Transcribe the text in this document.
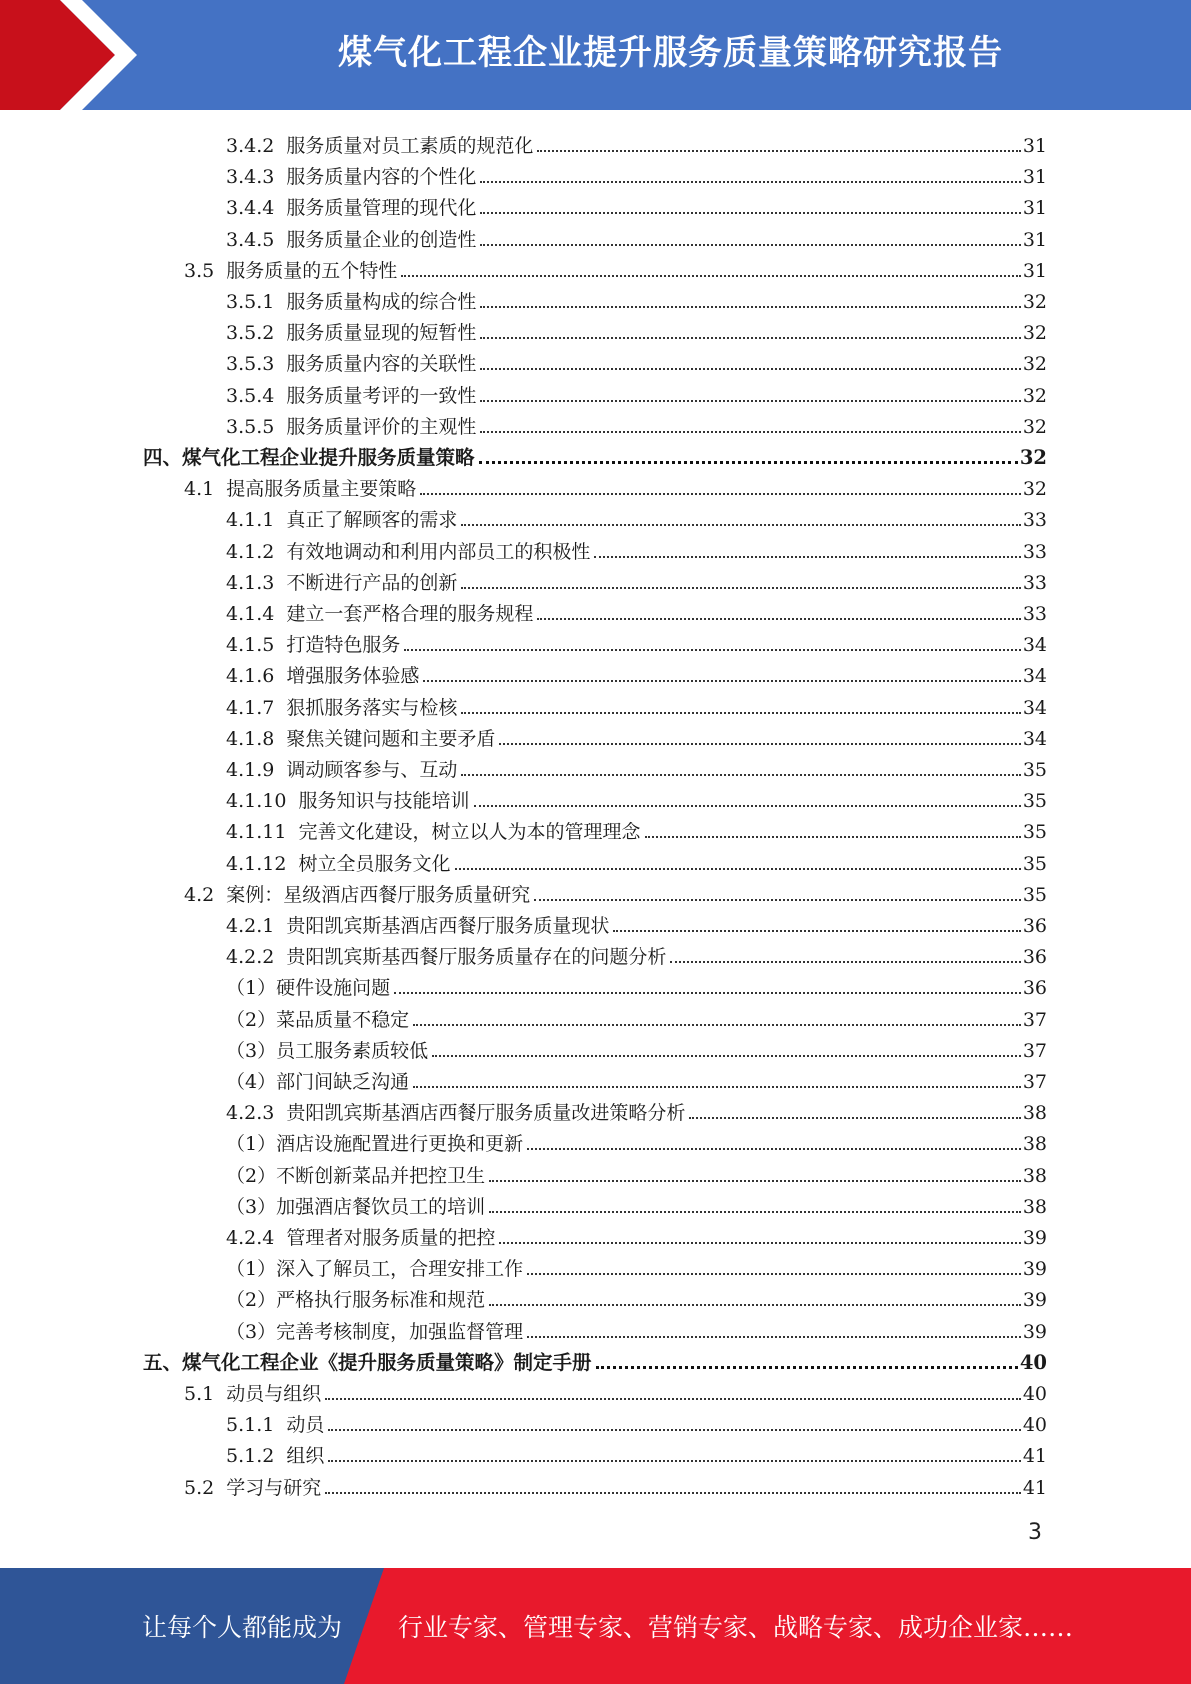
煤气化工程企业提升服务质量策略研究报告
3.4.2  服务质量对员工素质的规范化	31
3.4.3  服务质量内容的个性化	31
3.4.4  服务质量管理的现代化	31
3.4.5  服务质量企业的创造性	31
3.5  服务质量的五个特性	31
3.5.1  服务质量构成的综合性	32
3.5.2  服务质量显现的短暂性	32
3.5.3  服务质量内容的关联性	32
3.5.4  服务质量考评的一致性	32
3.5.5  服务质量评价的主观性	32
四、煤气化工程企业提升服务质量策略	32
4.1  提高服务质量主要策略	32
4.1.1  真正了解顾客的需求	33
4.1.2  有效地调动和利用内部员工的积极性	33
4.1.3  不断进行产品的创新	33
4.1.4  建立一套严格合理的服务规程	33
4.1.5  打造特色服务	34
4.1.6  增强服务体验感	34
4.1.7  狠抓服务落实与检核	34
4.1.8  聚焦关键问题和主要矛盾	34
4.1.9  调动顾客参与、互动	35
4.1.10  服务知识与技能培训	35
4.1.11  完善文化建设，树立以人为本的管理理念	35
4.1.12  树立全员服务文化	35
4.2  案例：星级酒店西餐厅服务质量研究	35
4.2.1  贵阳凯宾斯基酒店西餐厅服务质量现状	36
4.2.2  贵阳凯宾斯基西餐厅服务质量存在的问题分析	36
（1）硬件设施问题	36
（2）菜品质量不稳定	37
（3）员工服务素质较低	37
（4）部门间缺乏沟通	37
4.2.3  贵阳凯宾斯基酒店西餐厅服务质量改进策略分析	38
（1）酒店设施配置进行更换和更新	38
（2）不断创新菜品并把控卫生	38
（3）加强酒店餐饮员工的培训	38
4.2.4  管理者对服务质量的把控	39
（1）深入了解员工，合理安排工作	39
（2）严格执行服务标准和规范	39
（3）完善考核制度，加强监督管理	39
五、煤气化工程企业《提升服务质量策略》制定手册	40
5.1  动员与组织	40
5.1.1  动员	40
5.1.2  组织	41
5.2  学习与研究	41
3
让每个人都能成为 行业专家、管理专家、营销专家、战略专家、成功企业家……
